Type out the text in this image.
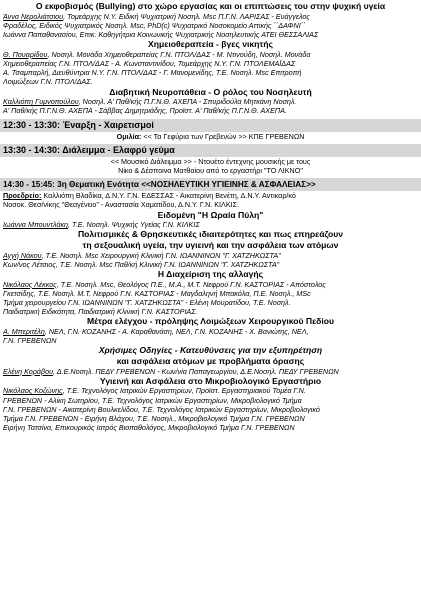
Ο εκφοβισμός (Bullying) στο χώρο εργασίας και οι επιπτώσεις του στην ψυχική υγεία
Άννα Νερολιάτσιου, Τομεάρχης Ν.Υ. Ειδική Ψυχιατρική Νοσηλ. Msc Π.Γ.Ν. ΛΑΡΙΣΑΣ - Ευάγγελος
Φραδέλος, Ειδικός Ψυχιατρικός Νοσηλ. Msc, PhD(c) Ψυχιατρικό Νοσοκομείο Αττικής ΄΄ΔΑΦΝΙ΄΄
Ιωάννα Παπαθανασίου, Επικ. Καθηγήτρια Κοινωνικής Ψυχιατρικής Νοσηλευτικής ΑΤΕΙ ΘΕΣΣΑΛΙΑΣ
Χημειοθεραπεία - βγες νικητής
Θ. Πουαρίδου, Νοσηλ. Μονάδα Χημειοθεραπείας Γ.Ν. ΠΤΟΛ/ΔΑΣ - Μ. Ντινούδη, Νοσηλ. Μονάδα
Χημειοθεραπείας Γ.Ν. ΠΤΟΛ/ΔΑΣ - Α. Κωνσταντινίδου, Τομεάρχης Ν.Υ. Γ.Ν. ΠΤΟΛΕΜΑΪΔΑΣ
Α. Τσαμπαρλή, Διευθύντρια Ν.Υ. Γ.Ν. ΠΤΟΛ/ΔΑΣ - Γ. Μανομενίδης, Τ.Ε. Νοσηλ. Msc Επιτροπή
Λοιμώξεων Γ.Ν. ΠΤΟΛ/ΔΑΣ.
Διαβητική Νευροπάθεια - Ο ρόλος του Νοσηλευτή
Καλλιόπη Γυμνοπούλου, Νοσηλ. Α' Παθ/κής Π.Γ.Ν.Θ. ΑΧΕΠΑ - Σπυριδούλα Μητκάνη Νοσηλ.
Α' Παθ/κής Π.Γ.Ν.Θ. ΑΧΕΠΑ - Σάββας Δημητριάδης, Προϊστ. Α' Παθ/κής Π.Γ.Ν.Θ. ΑΧΕΠΑ.
12:30 - 13:30: Έναρξη - Χαιρετισμοί
Ομιλία: << Τα Γεφύρια των Γρεβενών >> ΚΠΕ ΓΡΕΒΕΝΩΝ
13:30 - 14:30: Διάλειμμα - Ελαφρύ γεύμα
<< Μουσικό Διάλειμμα >> - Ντουέτο έντεχνης μουσικής με τους
Νίκο & Δέσποινα Ματθαίου από το εργαστήρι "ΤΟ ΛΙΚΝΟ"
14:30 - 15:45: 3η Θεματική Ενότητα <<ΝΟΣΗΛΕΥΤΙΚΗ ΥΓΙΕΙΝΗΣ & ΑΣΦΑΛΕΙΑΣ>>
Προεδρείο: Καλλιόπη Βλαδίκα, Δ.Ν.Υ. Γ.Ν. ΕΔΕΣΣΑΣ - Αικατερίνη Βενέτη, Δ.Ν.Υ. Αντικαρ/κό
Νοσοκ. Θεσ/νίκης "Θεαγένειο" - Αναστασία Χαματίδου, Δ.Ν.Υ. Γ.Ν. ΚΙΛΚΙΣ.
Ειδομένη "Η Ωραία Πύλη"
Ιωάννα Μπουντλάκη, Τ.Ε. Νοσηλ. Ψυχικής Υγείας Γ.Ν. ΚΙΛΚΙΣ
Πολιτισμικές & Θρησκευτικές ιδιαιτερότητες και πως επηρεάζουν
τη σεξουαλική υγεία, την υγιεινή και την ασφάλεια των ατόμων
Αγγή Νάκου, Τ.Ε. Νοσηλ. Msc Χειρουργική Κλινική Γ.Ν. ΙΩΑΝΝΙΝΩΝ "Γ. ΧΑΤΖΗΚΩΣΤΑ"
Κων/νος Λέτσιος, Τ.Ε. Νοσηλ. Msc Παθ/κή Κλινική Γ.Ν. ΙΩΑΝΝΙΝΩΝ "Γ. ΧΑΤΖΗΚΩΣΤΑ"
Η Διαχείριση της αλλαγής
Νικόλαος Λέκκος, Τ.Ε. Νοσηλ. Msc, Θεολόγος Π.Ε., M.A., Μ.Τ. Νεφρού Γ.Ν. ΚΑΣΤΟΡΙΑΣ - Απόστολος
Γκετσίδης, Τ.Ε. Νοσηλ. Μ.Τ. Νεφρού Γ.Ν. ΚΑΣΤΟΡΙΑΣ - Μαγδαληνή Μπακόλα, Π.Ε. Νοσηλ., MSc
Τμήμα χειρουργείου Γ.Ν. ΙΩΑΝΝΙΝΩΝ "Γ. ΧΑΤΖΗΚΩΣΤΑ" - Ελένη Μουρατίδου, Τ.Ε. Νοσηλ.
Παιδιατρική Ειδικότητα, Παιδιατρική Κλινική Γ.Ν. ΚΑΣΤΟΡΙΑΣ.
Μέτρα ελέγχου - πρόληψης Λοιμώξεων Χειρουργικού Πεδίου
Α. Μπεριτέλη, ΝΕΛ, Γ.Ν. ΚΟΖΑΝΗΣ - Α. Καραθανάση, ΝΕΛ, Γ.Ν. ΚΟΖΑΝΗΣ - Χ. Βανιώτης, ΝΕΛ,
Γ.Ν. ΓΡΕΒΕΝΩΝ
Χρήσιμες Οδηγίες - Κατευθύνσεις για την εξυπηρέτηση
και ασφάλεια ατόμων με προβλήματα όρασης
Ελένη Κοράβου, Δ.Ε.Νοσηλ. ΠΕΔΥ ΓΡΕΒΕΝΩΝ - Κων/νία Παπαγεωργίου, Δ.Ε.Νοσηλ. ΠΕΔΥ ΓΡΕΒΕΝΩΝ
Υγιεινή και Ασφάλεια στο Μικροβιολογικό Εργαστήριο
Νικόλαος Κοζώνης, Τ.Ε. Τεχνολόγος Ιατρικών Εργαστηρίων, Προϊστ. Εργαστηριακού Τομέα Γ.Ν.
ΓΡΕΒΕΝΩΝ - Αλίκη Σωτηρίου, Τ.Ε. Τεχνολόγος Ιατρικών Εργαστηρίων, Μικροβιολογικό Τμήμα
Γ.Ν. ΓΡΕΒΕΝΩΝ - Αικατερίνη Βουλκελίδου, Τ.Ε. Τεχνολόγος Ιατρικών Εργαστηρίων, Μικροβιολογικό
Τμήμα Γ.Ν. ΓΡΕΒΕΝΩΝ - Ειρήνη Βλάχου, Τ.Ε. Νοσηλ., Μικροβιολογικό Τμήμα Γ.Ν. ΓΡΕΒΕΝΩΝ
Ειρήνη Τατσίνα, Επικουρικός Ιατρός Βιοπαθολόγος, Μικροβιολογικό Τμήμα Γ.Ν. ΓΡΕΒΕΝΩΝ
